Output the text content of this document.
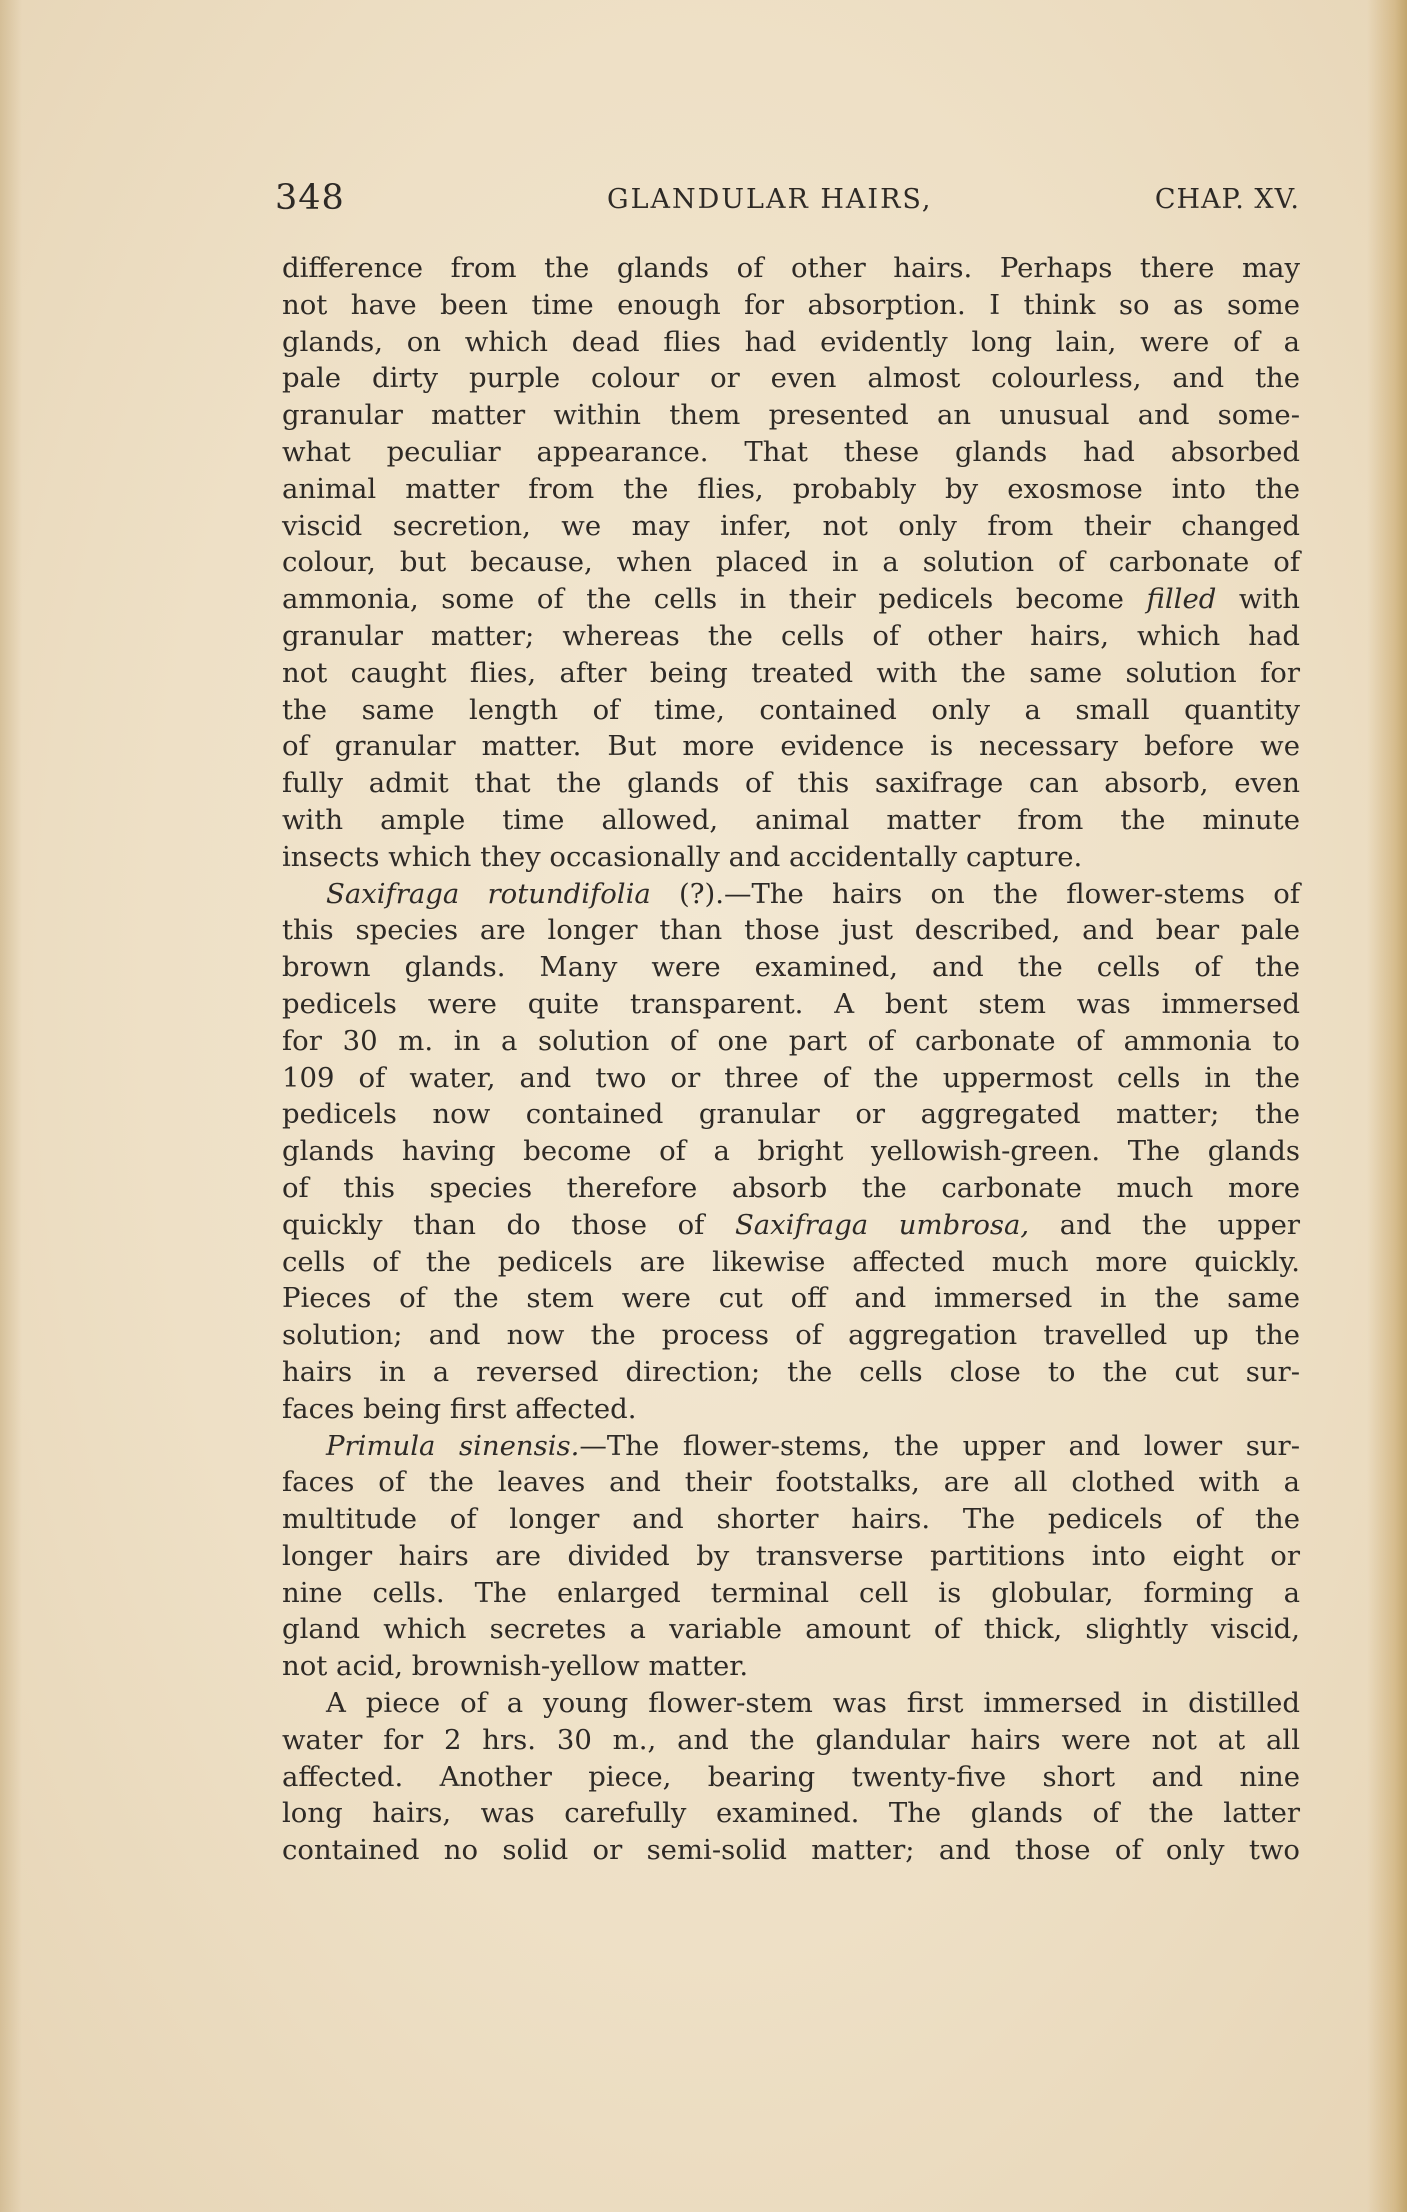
348	GLANDULAR HAIRS,	CHAP. XV.
difference from the glands of other hairs. Perhaps there may
not have been time enough for absorption. I think so as some
glands, on which dead flies had evidently long lain, were of a
pale dirty purple colour or even almost colourless, and the
granular matter within them presented an unusual and some-
what peculiar appearance. That these glands had absorbed
animal matter from the flies, probably by exosmose into the
viscid secretion, we may infer, not only from their changed
colour, but because, when placed in a solution of carbonate of
ammonia, some of the cells in their pedicels become filled with
granular matter; whereas the cells of other hairs, which had
not caught flies, after being treated with the same solution for
the same length of time, contained only a small quantity
of granular matter. But more evidence is necessary before we
fully admit that the glands of this saxifrage can absorb, even
with ample time allowed, animal matter from the minute
insects which they occasionally and accidentally capture.
Saxifraga rotundifolia (?).—The hairs on the flower-stems of
this species are longer than those just described, and bear pale
brown glands. Many were examined, and the cells of the
pedicels were quite transparent. A bent stem was immersed
for 30 m. in a solution of one part of carbonate of ammonia to
109 of water, and two or three of the uppermost cells in the
pedicels now contained granular or aggregated matter; the
glands having become of a bright yellowish-green. The glands
of this species therefore absorb the carbonate much more
quickly than do those of Saxifraga umbrosa, and the upper
cells of the pedicels are likewise affected much more quickly.
Pieces of the stem were cut off and immersed in the same
solution; and now the process of aggregation travelled up the
hairs in a reversed direction; the cells close to the cut sur-
faces being first affected.
Primula sinensis.—The flower-stems, the upper and lower sur-
faces of the leaves and their footstalks, are all clothed with a
multitude of longer and shorter hairs. The pedicels of the
longer hairs are divided by transverse partitions into eight or
nine cells. The enlarged terminal cell is globular, forming a
gland which secretes a variable amount of thick, slightly viscid,
not acid, brownish-yellow matter.
A piece of a young flower-stem was first immersed in distilled
water for 2 hrs. 30 m., and the glandular hairs were not at all
affected. Another piece, bearing twenty-five short and nine
long hairs, was carefully examined. The glands of the latter
contained no solid or semi-solid matter; and those of only two
